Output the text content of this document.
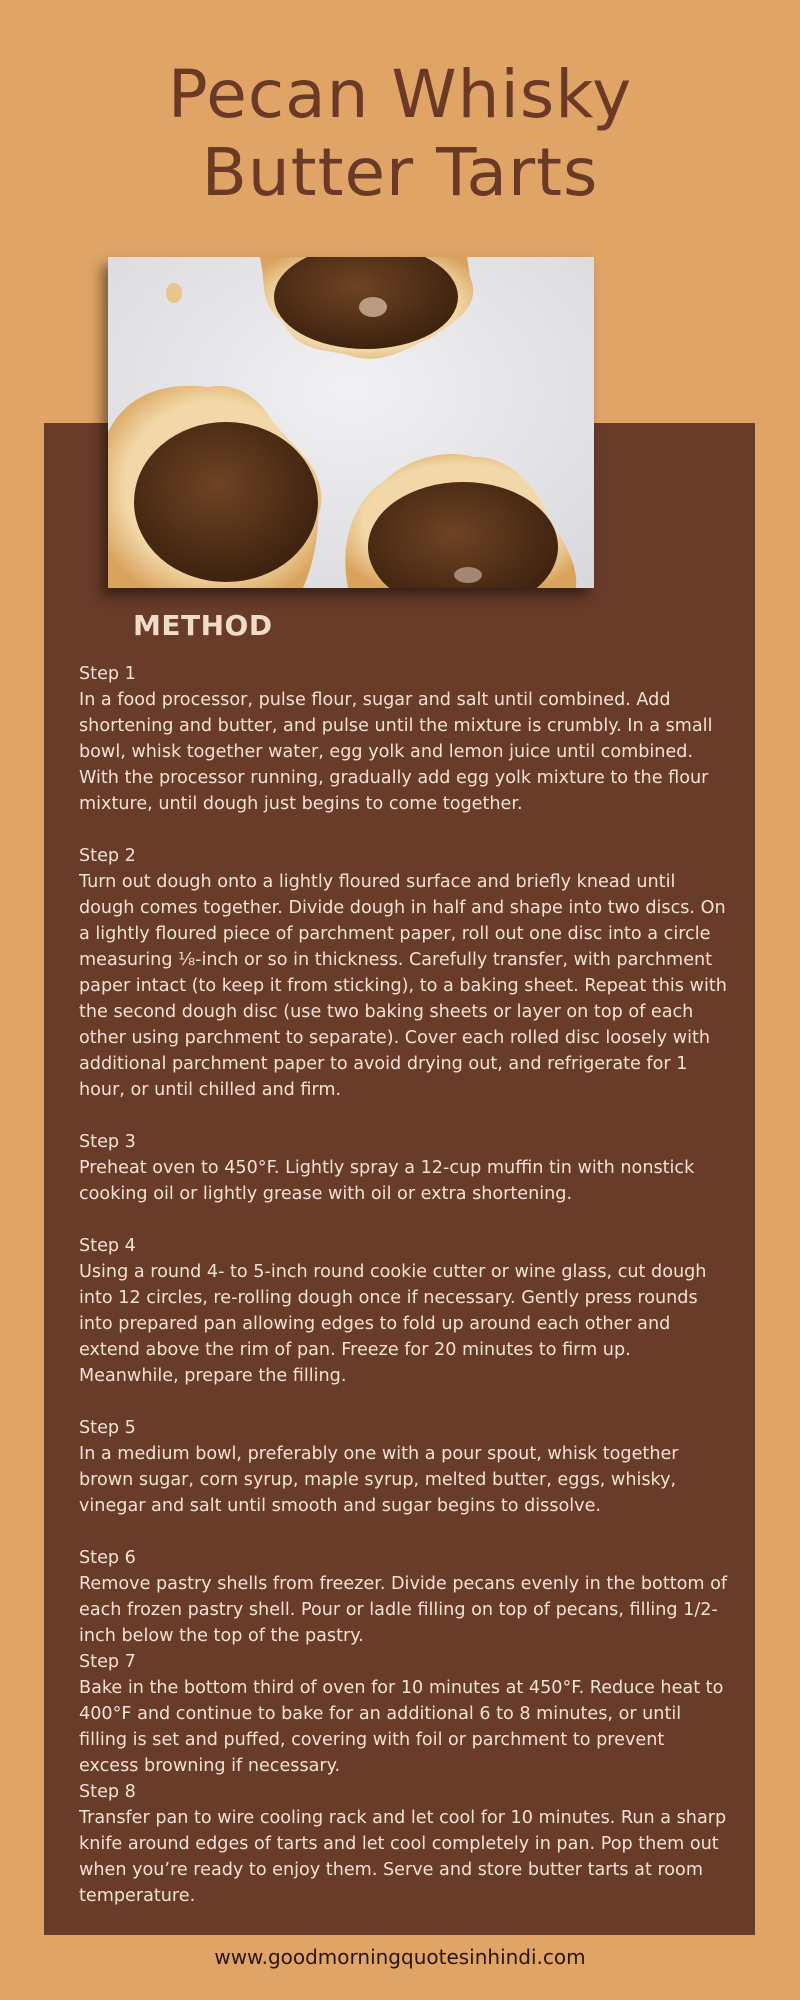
Pecan Whisky
Butter Tarts
METHOD
Step 1
In a food processor, pulse flour, sugar and salt until combined. Add shortening and butter, and pulse until the mixture is crumbly. In a small bowl, whisk together water, egg yolk and lemon juice until combined. With the processor running, gradually add egg yolk mixture to the flour mixture, until dough just begins to come together.
Step 2
Turn out dough onto a lightly floured surface and briefly knead until dough comes together. Divide dough in half and shape into two discs. On a lightly floured piece of parchment paper, roll out one disc into a circle measuring ⅛-inch or so in thickness. Carefully transfer, with parchment paper intact (to keep it from sticking), to a baking sheet. Repeat this with the second dough disc (use two baking sheets or layer on top of each other using parchment to separate). Cover each rolled disc loosely with additional parchment paper to avoid drying out, and refrigerate for 1 hour, or until chilled and firm.
Step 3
Preheat oven to 450°F. Lightly spray a 12-cup muffin tin with nonstick cooking oil or lightly grease with oil or extra shortening.
Step 4
Using a round 4- to 5-inch round cookie cutter or wine glass, cut dough into 12 circles, re-rolling dough once if necessary. Gently press rounds into prepared pan allowing edges to fold up around each other and extend above the rim of pan. Freeze for 20 minutes to firm up. Meanwhile, prepare the filling.
Step 5
In a medium bowl, preferably one with a pour spout, whisk together brown sugar, corn syrup, maple syrup, melted butter, eggs, whisky, vinegar and salt until smooth and sugar begins to dissolve.
Step 6
Remove pastry shells from freezer. Divide pecans evenly in the bottom of each frozen pastry shell. Pour or ladle filling on top of pecans, filling 1/2-inch below the top of the pastry.
Step 7
Bake in the bottom third of oven for 10 minutes at 450°F. Reduce heat to 400°F and continue to bake for an additional 6 to 8 minutes, or until filling is set and puffed, covering with foil or parchment to prevent excess browning if necessary.
Step 8
Transfer pan to wire cooling rack and let cool for 10 minutes. Run a sharp knife around edges of tarts and let cool completely in pan. Pop them out when you’re ready to enjoy them. Serve and store butter tarts at room temperature.
www.goodmorningquotesinhindi.com
